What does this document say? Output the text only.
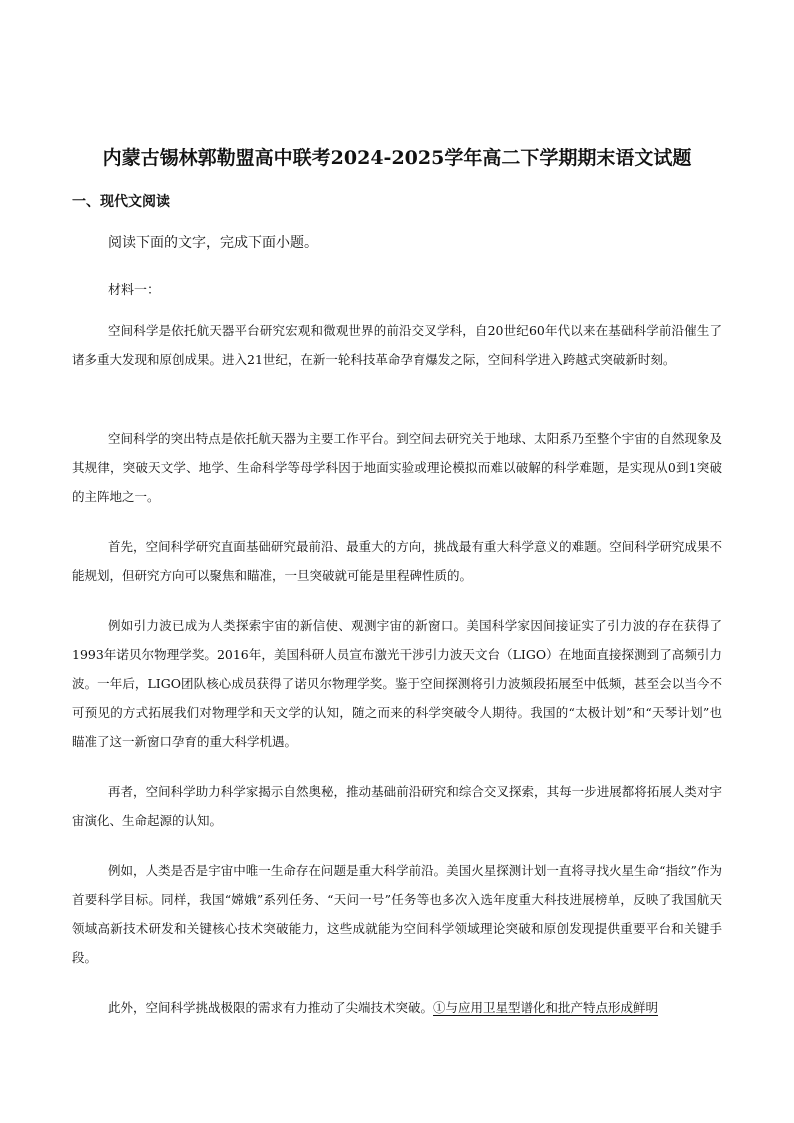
内蒙古锡林郭勒盟高中联考2024-2025学年高二下学期期末语文试题
一、现代文阅读
阅读下面的文字，完成下面小题。
材料一：

空间科学是依托航天器平台研究宏观和微观世界的前沿交叉学科，自20世纪60年代以来在基础科学前沿催生了诸多重大发现和原创成果。进入21世纪，在新一轮科技革命孕育爆发之际，空间科学进入跨越式突破新时刻。

空间科学的突出特点是依托航天器为主要工作平台。到空间去研究关于地球、太阳系乃至整个宇宙的自然现象及其规律，突破天文学、地学、生命科学等母学科因于地面实验或理论模拟而难以破解的科学难题，是实现从0到1突破的主阵地之一。

首先，空间科学研究直面基础研究最前沿、最重大的方向，挑战最有重大科学意义的难题。空间科学研究成果不能规划，但研究方向可以聚焦和瞄准，一旦突破就可能是里程碑性质的。

例如引力波已成为人类探索宇宙的新信使、观测宇宙的新窗口。美国科学家因间接证实了引力波的存在获得了1993年诺贝尔物理学奖。2016年，美国科研人员宣布激光干涉引力波天文台（LIGO）在地面直接探测到了高频引力波。一年后，LIGO团队核心成员获得了诺贝尔物理学奖。鉴于空间探测将引力波频段拓展至中低频，甚至会以当今不可预见的方式拓展我们对物理学和天文学的认知，随之而来的科学突破令人期待。我国的“太极计划”和“天琴计划”也瞄准了这一新窗口孕育的重大科学机遇。

再者，空间科学助力科学家揭示自然奥秘，推动基础前沿研究和综合交叉探索，其每一步进展都将拓展人类对宇宙演化、生命起源的认知。

例如，人类是否是宇宙中唯一生命存在问题是重大科学前沿。美国火星探测计划一直将寻找火星生命“指纹”作为首要科学目标。同样，我国“嫦娥”系列任务、“天问一号”任务等也多次入选年度重大科技进展榜单，反映了我国航天领域高新技术研发和关键核心技术突破能力，这些成就能为空间科学领域理论突破和原创发现提供重要平台和关键手段。

此外，空间科学挑战极限的需求有力推动了尖端技术突破。①与应用卫星型谱化和批产特点形成鲜明
